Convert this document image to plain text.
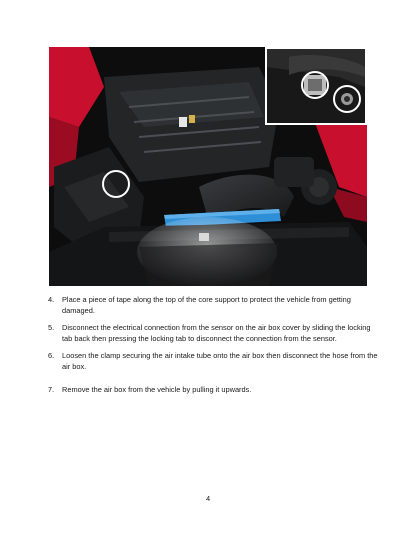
4. Place a piece of tape along the top of the core support to protect the vehicle from getting damaged.
5. Disconnect the electrical connection from the sensor on the air box cover by sliding the locking tab back then pressing the locking tab to disconnect the connection from the sensor.
6. Loosen the clamp securing the air intake tube onto the air box then disconnect the hose from the air box.
7. Remove the air box from the vehicle by pulling it upwards.
4
